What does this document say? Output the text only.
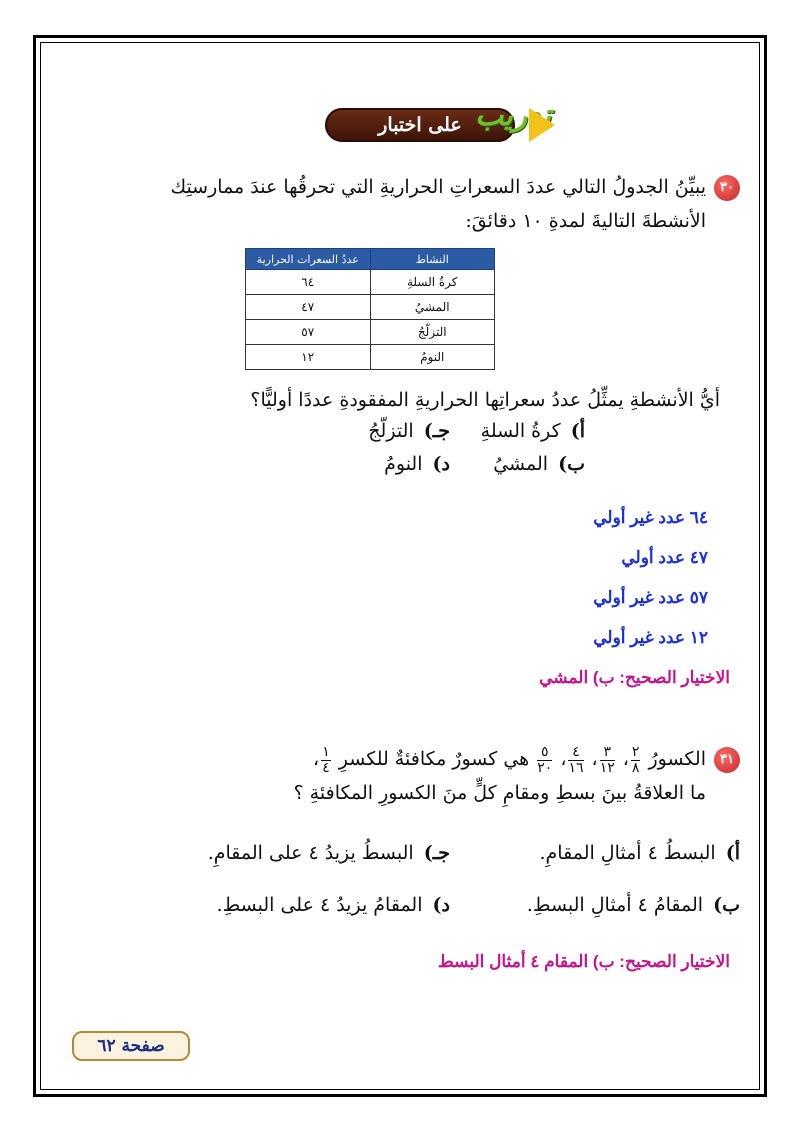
على اختبار تدريب
٣٠يبيِّنُ الجدولُ التالي عددَ السعراتِ الحراريةِ التي تحرقُها عندَ ممارستِك
الأنشطةَ التاليةَ لمدةِ ١٠ دقائقَ:
النشاط	عددُ السعرات الحرارية
كرةُ السلةِ	٦٤
المشيُ	٤٧
التزلّجُ	٥٧
النومُ	١٢
أيُّ الأنشطةِ يمثِّلُ عددُ سعراتِها الحراريةِ المفقودةِ عددًا أوليًّا؟
أ) كرةُ السلةِ
جـ) التزلّجُ
ب) المشيُ
د) النومُ
٦٤ عدد غير أولي
٤٧ عدد أولي
٥٧ عدد غير أولي
١٢ عدد غير أولي
الاختيار الصحيح: ب) المشي
٣١الكسورُ
$\frac{٢}{٨}$
،
$\frac{٣}{١٢}$
،
$\frac{٤}{١٦}$
،
$\frac{٥}{٢٠}$
هي كسورٌ مكافئةٌ للكسرِ
$\frac{١}{٤}$
،
ما العلاقةُ بينَ بسطِ ومقامِ كلٍّ منَ الكسورِ المكافئةِ ؟
أ) البسطُ ٤ أمثالِ المقامِ.
جـ) البسطُ يزيدُ ٤ على المقامِ.
ب) المقامُ ٤ أمثالِ البسطِ.
د) المقامُ يزيدُ ٤ على البسطِ.
الاختيار الصحيح: ب) المقام ٤ أمثال البسط
صفحة ٦٢
